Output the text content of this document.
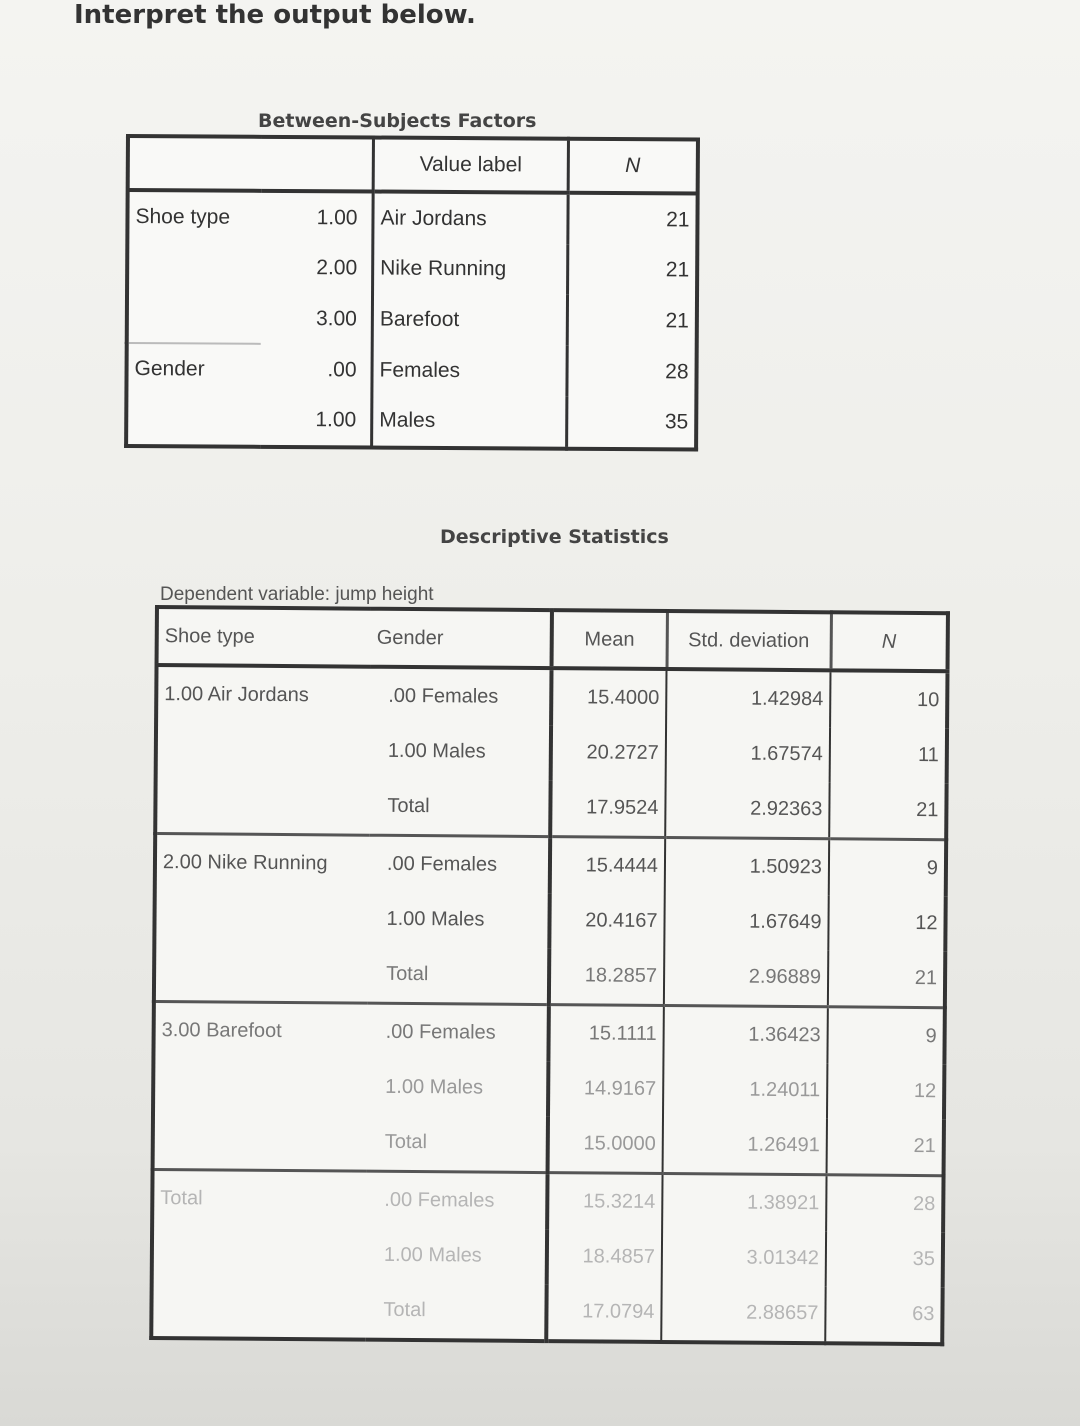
Interpret the output below.
Between-Subjects Factors
		Value label	N
Shoe type	1.00	Air Jordans	21
	2.00	Nike Running	21
	3.00	Barefoot	21
Gender	.00	Females	28
	1.00	Males	35
Descriptive Statistics
Dependent variable: jump height
Shoe type	Gender	Mean	Std. deviation	N
1.00 Air Jordans	.00 Females	15.4000	1.42984	10
	1.00 Males	20.2727	1.67574	11
	Total	17.9524	2.92363	21
2.00 Nike Running	.00 Females	15.4444	1.50923	9
	1.00 Males	20.4167	1.67649	12
	Total	18.2857	2.96889	21
3.00 Barefoot	.00 Females	15.1111	1.36423	9
	1.00 Males	14.9167	1.24011	12
	Total	15.0000	1.26491	21
Total	.00 Females	15.3214	1.38921	28
	1.00 Males	18.4857	3.01342	35
	Total	17.0794	2.88657	63
